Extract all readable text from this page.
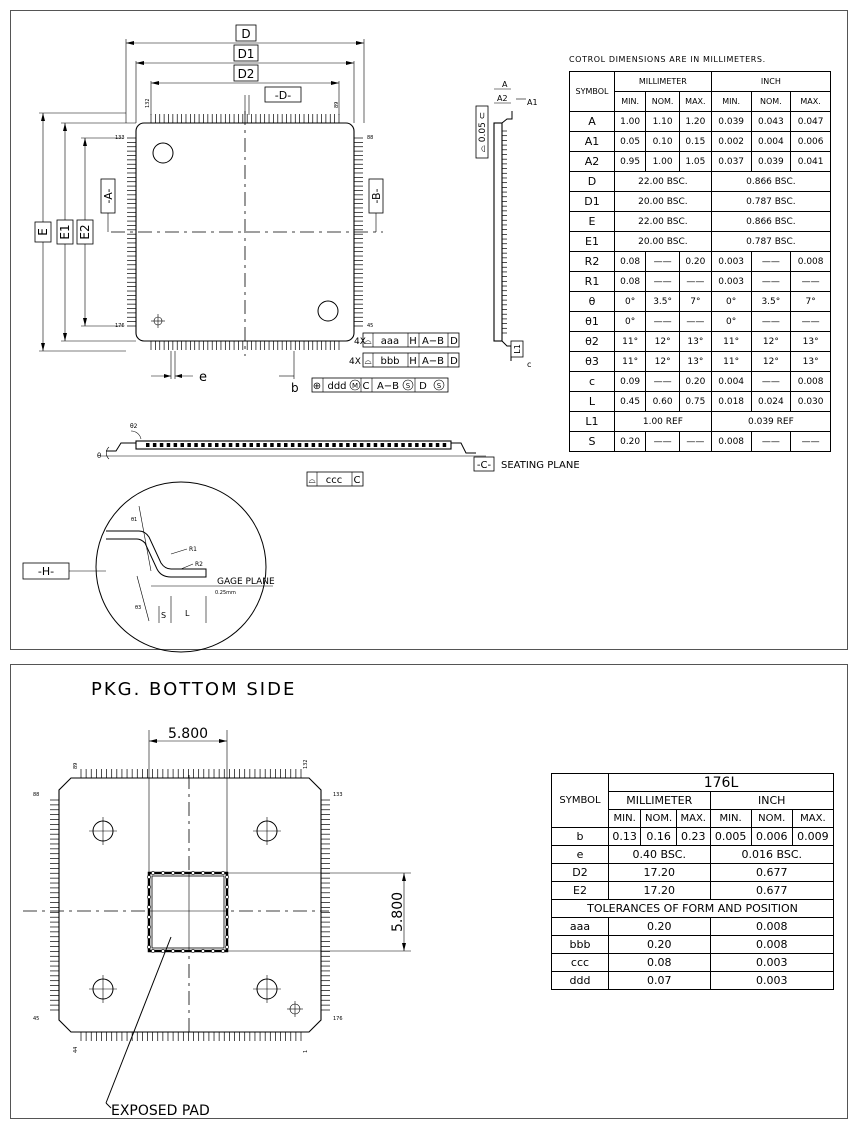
D
D1
D2
-D-
E E1 E2
-A-	-B-
132	89
133
176
88
45
e
b
4X
⌓ aaa H A−B D
4X ⌓ bbb H A−B D
⊕ ddd M C A−B S D S
A
A2 A1
⌓ 0.05 ⊂
L1
c
θ2
θ
-C- SEATING PLANE
⌓ ccc C
R1
R2
GAGE PLANE
0.25mm
S L
θ1
θ3
-H-
COTROL DIMENSIONS ARE IN MILLIMETERS.
SYMBOL	MILLIMETER			INCH		
	MIN.	NOM.	MAX.	MIN.	NOM.	MAX.
A	1.00	1.10	1.20	0.039	0.043	0.047
A1	0.05	0.10	0.15	0.002	0.004	0.006
A2	0.95	1.00	1.05	0.037	0.039	0.041
D	22.00 BSC.			0.866 BSC.		
D1	20.00 BSC.			0.787 BSC.		
E	22.00 BSC.			0.866 BSC.		
E1	20.00 BSC.			0.787 BSC.		
R2	0.08	——	0.20	0.003	——	0.008
R1	0.08	——	——	0.003	——	——
θ	0°	3.5°	7°	0°	3.5°	7°
θ1	0°	——	——	0°	——	——
θ2	11°	12°	13°	11°	12°	13°
θ3	11°	12°	13°	11°	12°	13°
c	0.09	——	0.20	0.004	——	0.008
L	0.45	0.60	0.75	0.018	0.024	0.030
L1	1.00 REF			0.039 REF		
S	0.20	——	——	0.008	——	——
PKG. BOTTOM SIDE
5.800
5.800
EXPOSED PAD
89	132
88	133
45	176
44	1
SYMBOL	176L					
	MILLIMETER			INCH		
	MIN.	NOM.	MAX.	MIN.	NOM.	MAX.
b	0.13	0.16	0.23	0.005	0.006	0.009
e	0.40 BSC.			0.016 BSC.		
D2	17.20			0.677		
E2	17.20			0.677		
TOLERANCES OF FORM AND POSITION						
aaa	0.20			0.008		
bbb	0.20			0.008		
ccc	0.08			0.003		
ddd	0.07			0.003		
